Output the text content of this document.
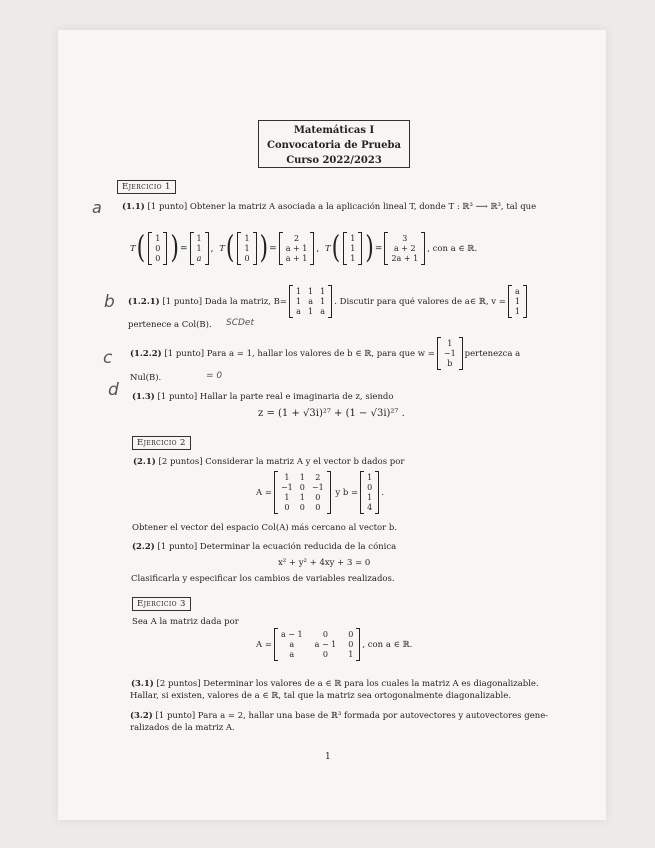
Matemáticas I
Convocatoria de Prueba
Curso 2022/2023
Ejercicio 1
a (1.1) [1 punto] Obtener la matriz A asociada a la aplicación lineal T, donde T : ℝ³ ⟶ ℝ³, tal que
T ( 1
0
0 ) =
1
1
a
, T ( 1
1
0 ) =
2
a + 1
a + 1
, T ( 1
1
1 ) =
3
a + 2
2a + 1
, con a ∈ ℝ.
b (1.2.1)
[1 punto] Dada la matriz, B=
1 1 1
1 a 1
a 1 a
. Discutir para qué valores de a∈ ℝ, v =
a
1
1
pertenece a Col(B). SCDet
c (1.2.2)
[1 punto] Para a = 1, hallar los valores de b ∈ ℝ, para que w =
1
−1
b
pertenezca a
Nul(B).	= 0
d (1.3) [1 punto] Hallar la parte real e imaginaria de z, siendo
z = (1 + √3i)²⁷ + (1 − √3i)²⁷ .
Ejercicio 2
(2.1) [2 puntos] Considerar la matriz A y el vector b dados por
A =
1	1	2
−1 0 −1
1	1	0
0	0	0

y b =
1
0
1
4
.
Obtener el vector del espacio Col(A) más cercano al vector b.
(2.2) [1 punto] Determinar la ecuación reducida de la cónica
x² + y² + 4xy + 3 = 0
Clasificarla y especificar los cambios de variables realizados.
Ejercicio 3
Sea A la matriz dada por
A =
a − 1	0	0
a	a − 1 0
a	0	1
, con a ∈ ℝ.
(3.1) [2 puntos] Determinar los valores de a ∈ ℝ para los cuales la matriz A es diagonalizable.
Hallar, si existen, valores de a ∈ ℝ, tal que la matriz sea ortogonalmente diagonalizable.
(3.2) [1 punto] Para a = 2, hallar una base de ℝ³ formada por autovectores y autovectores gene-
ralizados de la matriz A.
1
